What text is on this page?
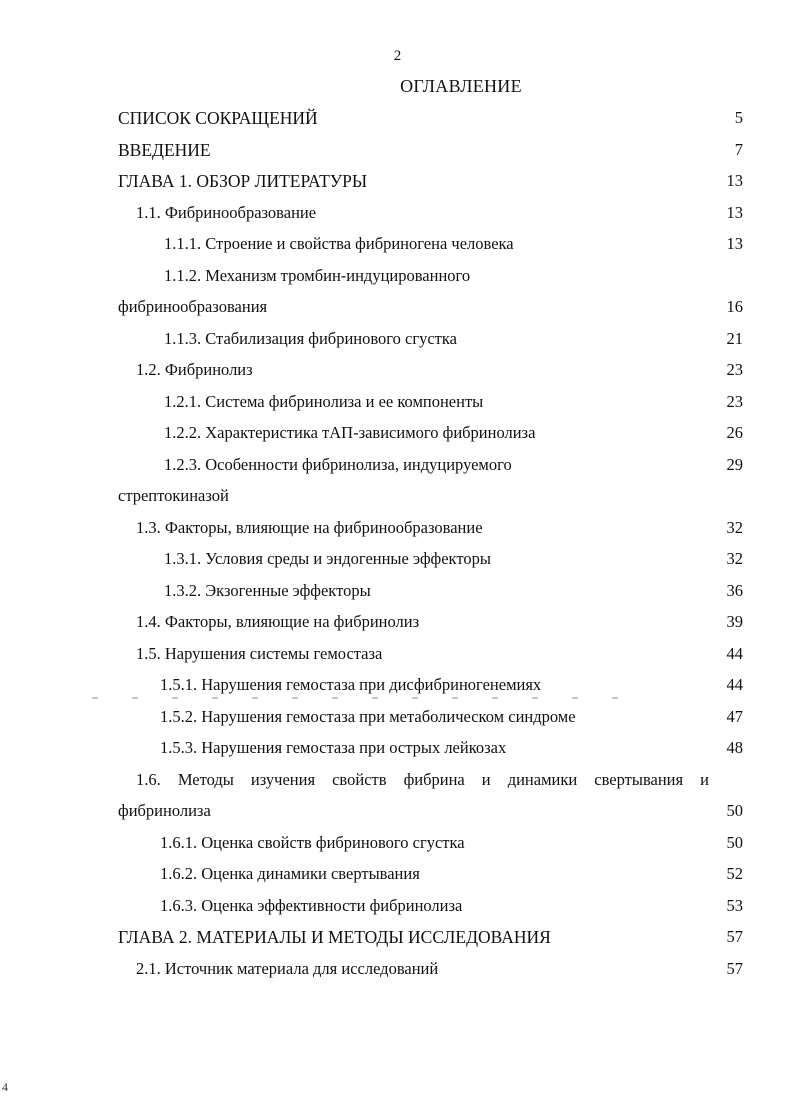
2
ОГЛАВЛЕНИЕ
СПИСОК СОКРАЩЕНИЙ	5
ВВЕДЕНИЕ	7
ГЛАВА 1. ОБЗОР ЛИТЕРАТУРЫ	13
1.1. Фибринообразование	13
1.1.1. Строение и свойства фибриногена человека	13
1.1.2. Механизм тромбин-индуцированного
фибринообразования	16
1.1.3. Стабилизация фибринового сгустка	21
1.2. Фибринолиз	23
1.2.1. Система фибринолиза и ее компоненты	23
1.2.2. Характеристика тАП-зависимого фибринолиза	26
1.2.3. Особенности фибринолиза, индуцируемого	29
стрептокиназой
1.3. Факторы, влияющие на фибринообразование	32
1.3.1. Условия среды и эндогенные эффекторы	32
1.3.2. Экзогенные эффекторы	36
1.4. Факторы, влияющие на фибринолиз	39
1.5. Нарушения системы гемостаза	44
1.5.1. Нарушения гемостаза при дисфибриногенемиях	44
1.5.2. Нарушения гемостаза при метаболическом синдроме	47
1.5.3. Нарушения гемостаза при острых лейкозах	48
1.6. Методы изучения свойств фибрина и динамики свертывания и
фибринолиза	50
1.6.1. Оценка свойств фибринового сгустка	50
1.6.2. Оценка динамики свертывания	52
1.6.3. Оценка эффективности фибринолиза	53
ГЛАВА 2. МАТЕРИАЛЫ И МЕТОДЫ ИССЛЕДОВАНИЯ	57
2.1. Источник материала для исследований	57
4
